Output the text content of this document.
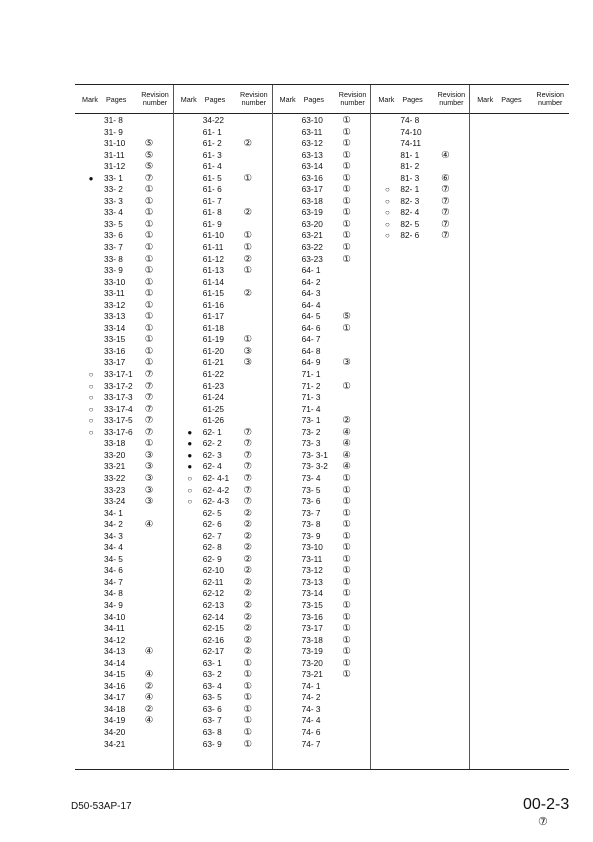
Mark Pages
Revision number
31- 8
31- 9
31-10 ⑤
31-11 ⑤
31-12 ⑤
● 33- 1 ⑦
33- 2 ①
33- 3 ①
33- 4 ①
33- 5 ①
33- 6 ①
33- 7 ①
33- 8 ①
33- 9 ①
33-10 ①
33-11 ①
33-12 ①
33-13 ①
33-14 ①
33-15 ①
33-16 ①
33-17 ①
○ 33-17-1 ⑦
○ 33-17-2 ⑦
○ 33-17-3 ⑦
○ 33-17-4 ⑦
○ 33-17-5 ⑦
○ 33-17-6 ⑦
33-18 ①
33-20 ③
33-21 ③
33-22 ③
33-23 ③
33-24 ③
34- 1
34- 2 ④
34- 3
34- 4
34- 5
34- 6
34- 7
34- 8
34- 9
34-10
34-11
34-12
34-13 ④
34-14
34-15 ④
34-16 ②
34-17 ④
34-18 ②
34-19 ④
34-20
34-21
Mark Pages
Revision number
34-22
61- 1
61- 2 ②
61- 3
61- 4
61- 5 ①
61- 6
61- 7
61- 8 ②
61- 9
61-10 ①
61-11 ①
61-12 ②
61-13 ①
61-14
61-15 ②
61-16
61-17
61-18
61-19 ①
61-20 ③
61-21 ③
61-22
61-23
61-24
61-25
61-26
● 62- 1 ⑦
● 62- 2 ⑦
● 62- 3 ⑦
● 62- 4 ⑦
○ 62- 4-1 ⑦
○ 62- 4-2 ⑦
○ 62- 4-3 ⑦
62- 5 ②
62- 6 ②
62- 7 ②
62- 8 ②
62- 9 ②
62-10 ②
62-11 ②
62-12 ②
62-13 ②
62-14 ②
62-15 ②
62-16 ②
62-17 ②
63- 1 ①
63- 2 ①
63- 4 ①
63- 5 ①
63- 6 ①
63- 7 ①
63- 8 ①
63- 9 ①
Mark Pages
Revision number
63-10 ①
63-11 ①
63-12 ①
63-13 ①
63-14 ①
63-16 ①
63-17 ①
63-18 ①
63-19 ①
63-20 ①
63-21 ①
63-22 ①
63-23 ①
64- 1
64- 2
64- 3
64- 4
64- 5 ⑤
64- 6 ①
64- 7
64- 8
64- 9 ③
71- 1
71- 2 ①
71- 3
71- 4
73- 1 ②
73- 2 ④
73- 3 ④
73- 3-1 ④
73- 3-2 ④
73- 4 ①
73- 5 ①
73- 6 ①
73- 7 ①
73- 8 ①
73- 9 ①
73-10 ①
73-11 ①
73-12 ①
73-13 ①
73-14 ①
73-15 ①
73-16 ①
73-17 ①
73-18 ①
73-19 ①
73-20 ①
73-21 ①
74- 1
74- 2
74- 3
74- 4
74- 6
74- 7
Mark Pages
Revision number
74- 8
74-10
74-11
81- 1 ④
81- 2
81- 3 ⑥
○ 82- 1 ⑦
○ 82- 3 ⑦
○ 82- 4 ⑦
○ 82- 5 ⑦
○ 82- 6 ⑦
Mark Pages
Revision number
D50-53AP-17	00-2-3
⑦
